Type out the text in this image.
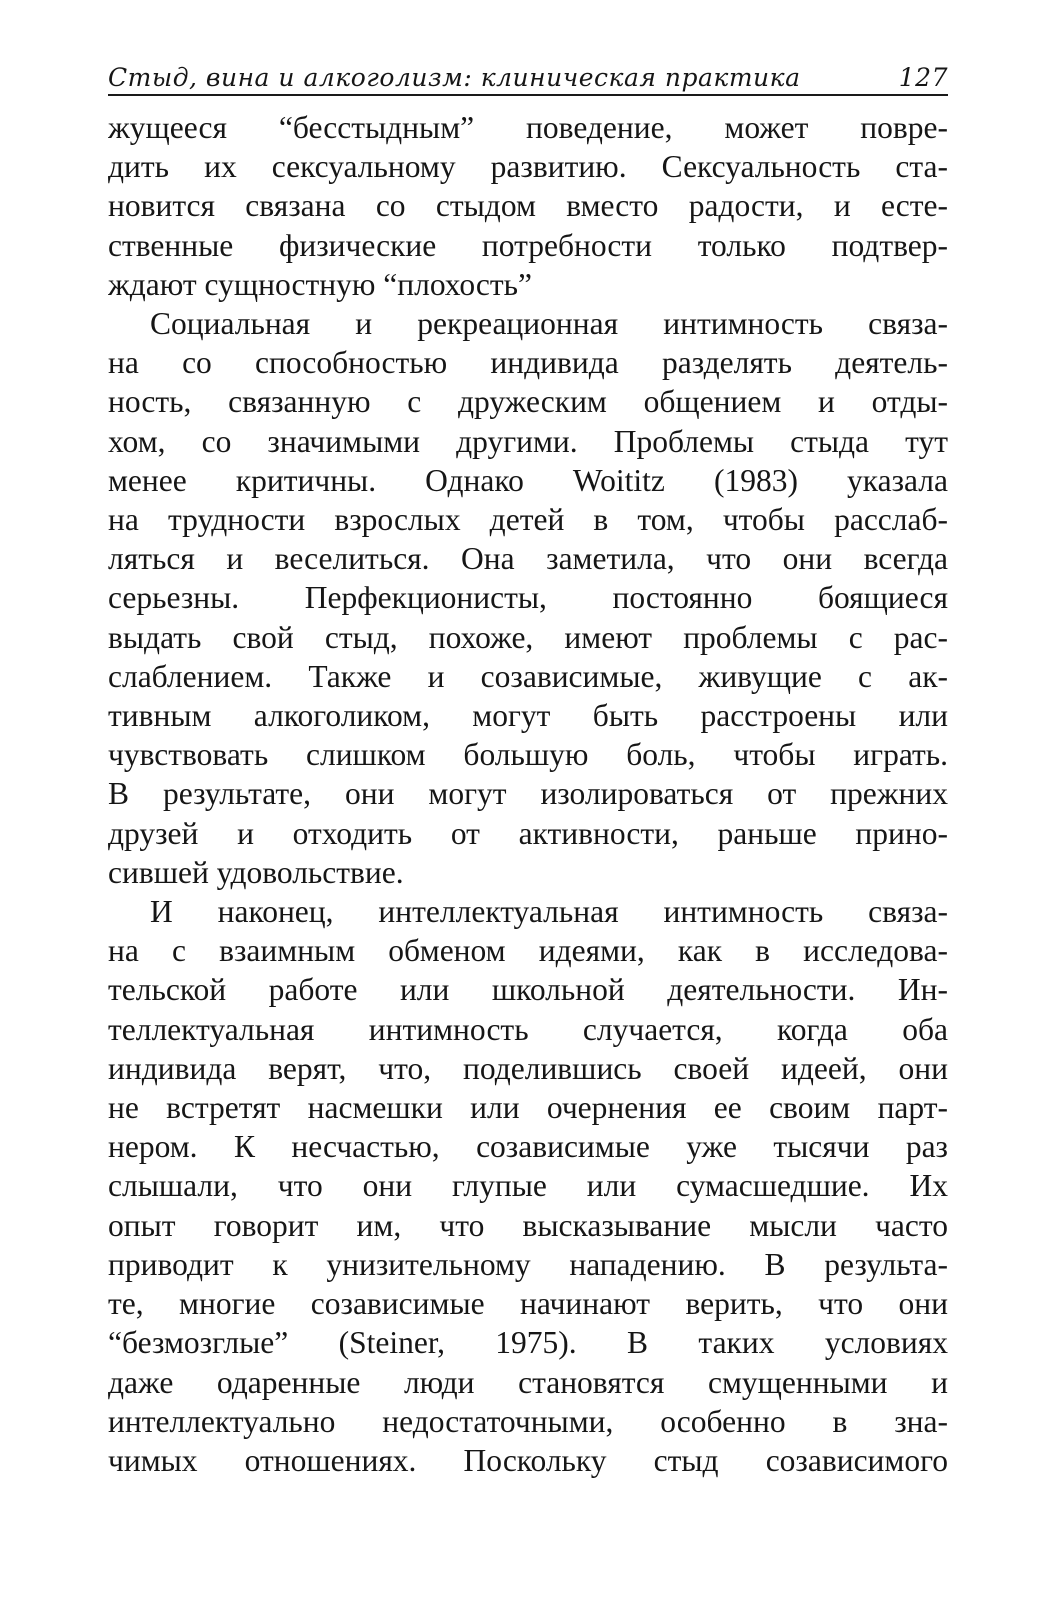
Стыд, вина и алкоголизм: клиническая практика	127

жущееся “бесстыдным” поведение, может повре-
дить их сексуальному развитию. Сексуальность ста-
новится связана со стыдом вместо радости, и есте-
ственные физические потребности только подтвер-
ждают сущностную “плохость”

Социальная и рекреационная интимность связа-
на со способностью индивида разделять деятель-
ность, связанную с дружеским общением и отды-
хом, со значимыми другими. Проблемы стыда тут
менее критичны. Однако Woititz (1983) указала
на трудности взрослых детей в том, чтобы расслаб-
ляться и веселиться. Она заметила, что они всегда
серьезны. Перфекционисты, постоянно боящиеся
выдать свой стыд, похоже, имеют проблемы с рас-
слаблением. Также и созависимые, живущие с ак-
тивным алкоголиком, могут быть расстроены или
чувствовать слишком большую боль, чтобы играть.
В результате, они могут изолироваться от прежних
друзей и отходить от активности, раньше прино-
сившей удовольствие.

И наконец, интеллектуальная интимность связа-
на с взаимным обменом идеями, как в исследова-
тельской работе или школьной деятельности. Ин-
теллектуальная интимность случается, когда оба
индивида верят, что, поделившись своей идеей, они
не встретят насмешки или очернения ее своим парт-
нером. К несчастью, созависимые уже тысячи раз
слышали, что они глупые или сумасшедшие. Их
опыт говорит им, что высказывание мысли часто
приводит к унизительному нападению. В результа-
те, многие созависимые начинают верить, что они
“безмозглые” (Steiner, 1975). В таких условиях
даже одаренные люди становятся смущенными и
интеллектуально недостаточными, особенно в зна-
чимых отношениях. Поскольку стыд созависимого
